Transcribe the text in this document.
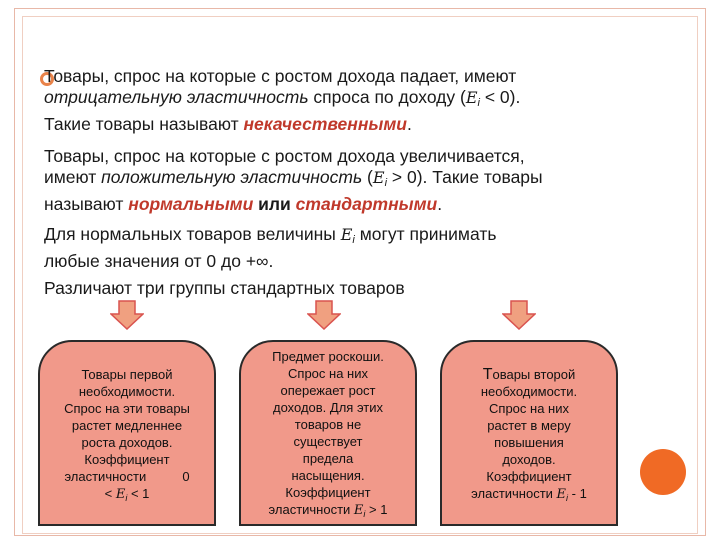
Товары, спрос на которые с ростом дохода падает, имеют
отрицательную эластичность спроса по доходу $(E_i < 0)$.
Такие товары называют некачественными.
Товары, спрос на которые с ростом дохода увеличивается,
имеют положительную эластичность $(E_i > 0)$. Такие товары
называют нормальными или стандартными.
Для нормальных товаров величины $E_i$ могут принимать
любые значения от 0 до +∞.
Различают три группы стандартных товаров
Товары первой
необходимости.
Спрос на эти товары
растет медленнее
роста доходов.
Коэффициент
эластичности          0
< $E_i < 1$
Предмет роскоши.
Спрос на них
опережает рост
доходов. Для этих
товаров не
существует
предела
насыщения.
Коэффициент
эластичности $E_i > 1$
Товары второй
необходимости.
Спрос на них
растет в меру
повышения
доходов.
Коэффициент
эластичности $E_i - 1$
